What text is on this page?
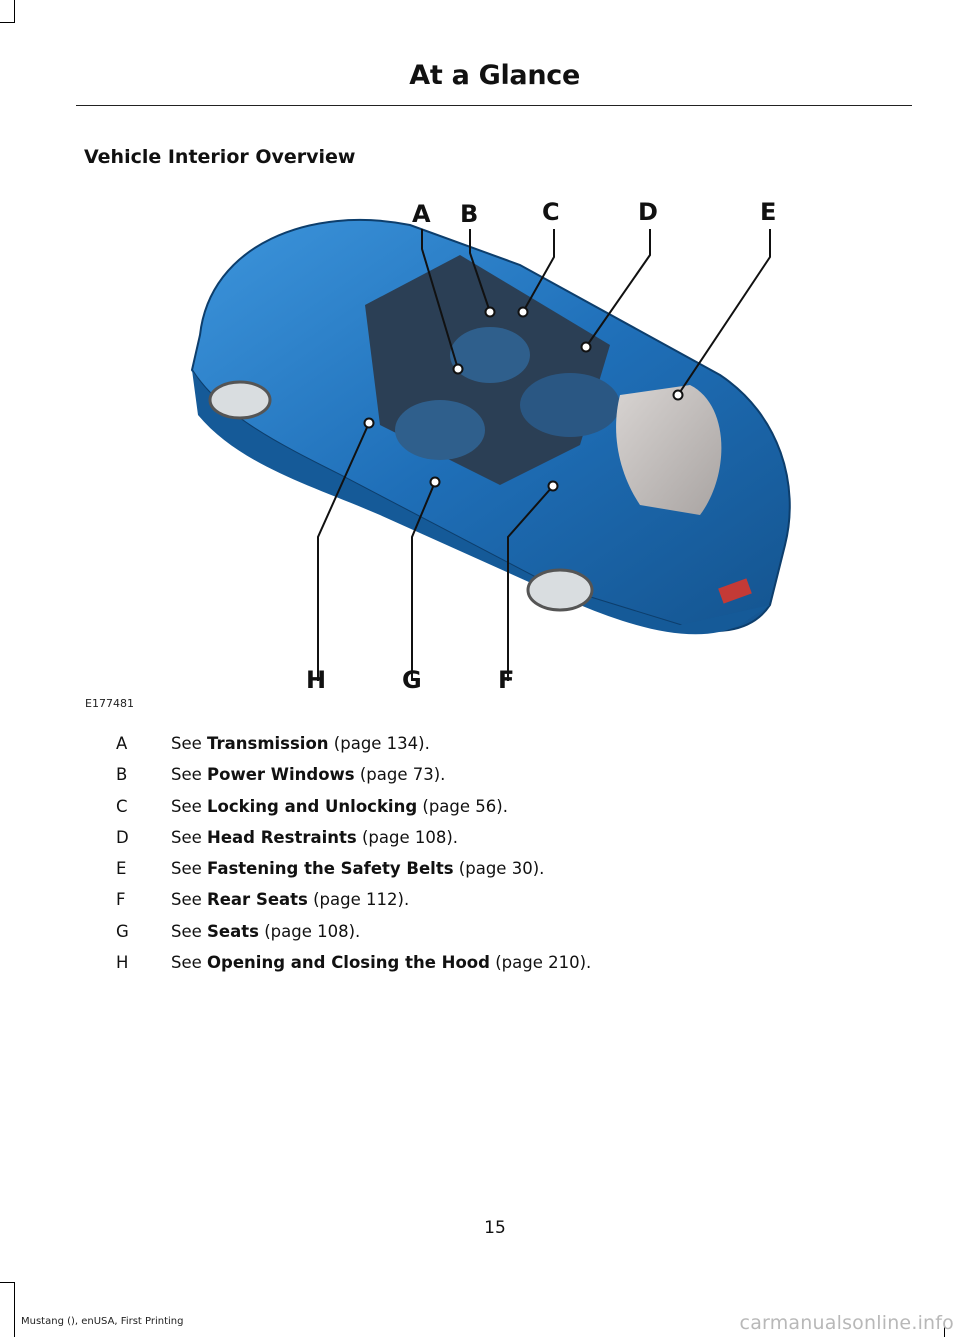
At a Glance
Vehicle Interior Overview
A B	C	D	E
F
G
H
E177481
A	See Transmission (page 134).
B	See Power Windows (page 73).
C	See Locking and Unlocking (page 56).
D	See Head Restraints (page 108).
E	See Fastening the Safety Belts (page 30).
F	See Rear Seats (page 112).
G	See Seats (page 108).
H	See Opening and Closing the Hood (page 210).
15
Mustang (), enUSA, First Printing	carmanualsonline.info
